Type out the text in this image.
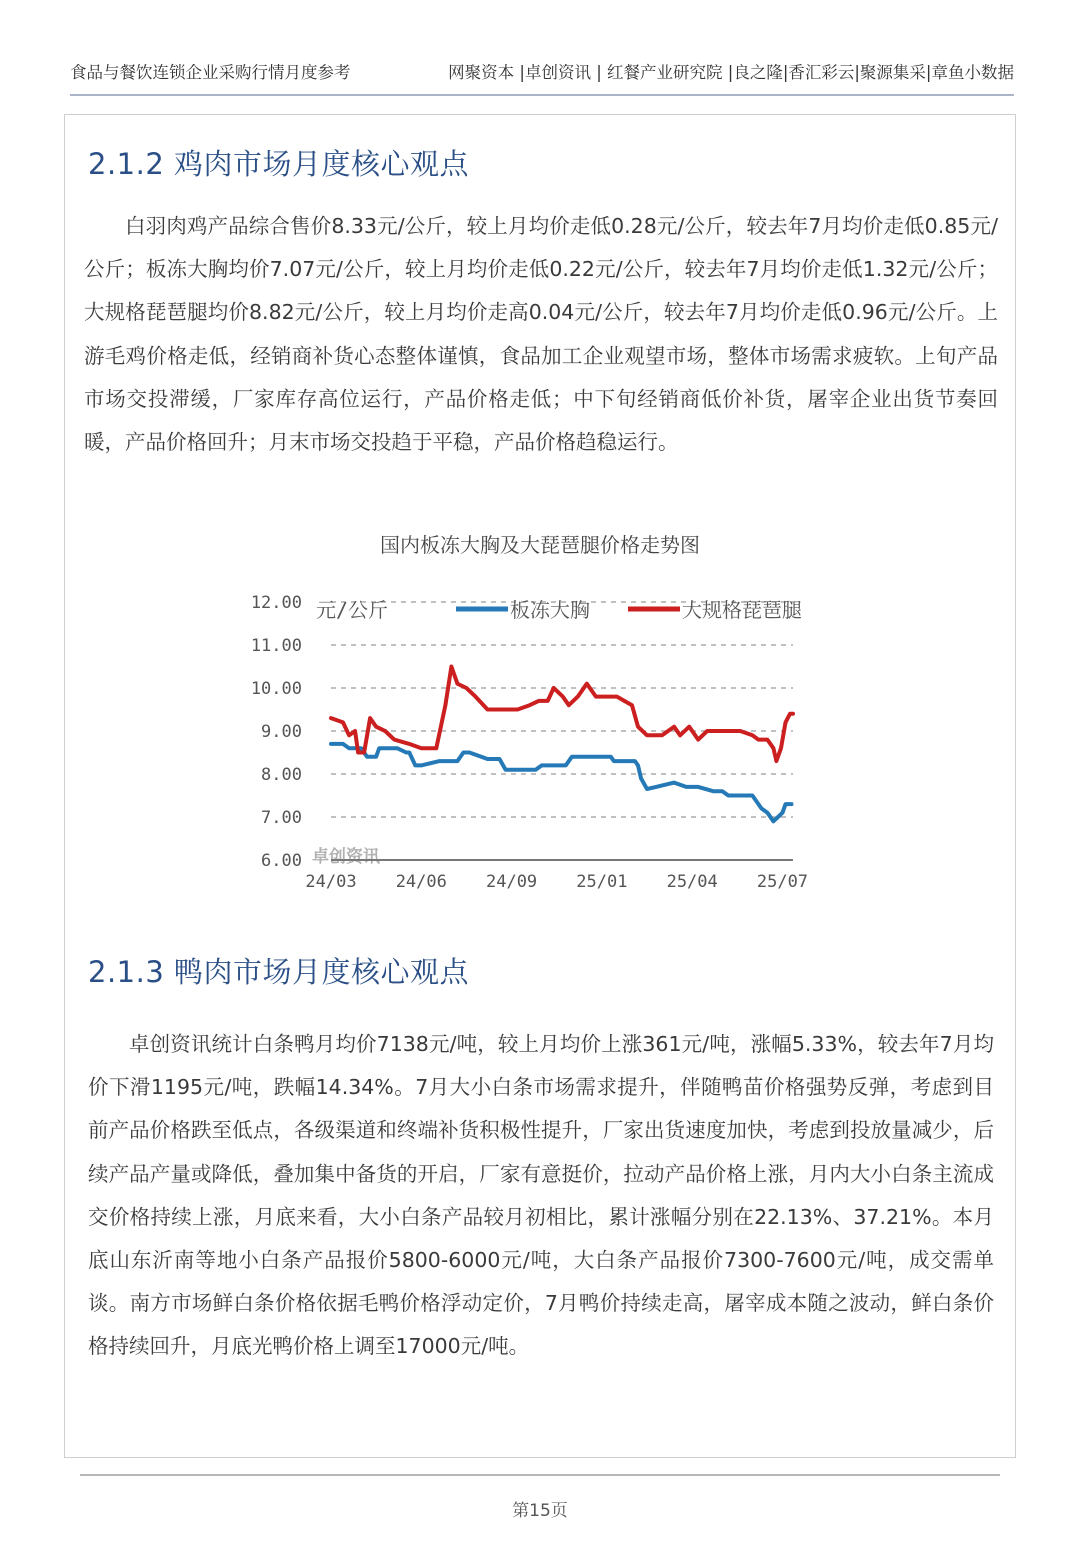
食品与餐饮连锁企业采购行情月度参考	网聚资本 |卓创资讯 | 红餐产业研究院 |良之隆|香汇彩云|聚源集采|章鱼小数据
2.1.2 鸡肉市场月度核心观点

白羽肉鸡产品综合售价8.33元/公斤，较上月均价走低0.28元/公斤，较去年7月均价走低0.85元/公斤；板冻大胸均价7.07元/公斤，较上月均价走低0.22元/公斤，较去年7月均价走低1.32元/公斤；大规格琵琶腿均价8.82元/公斤，较上月均价走高0.04元/公斤，较去年7月均价走低0.96元/公斤。上游毛鸡价格走低，经销商补货心态整体谨慎，食品加工企业观望市场，整体市场需求疲软。上旬产品市场交投滞缓，厂家库存高位运行，产品价格走低；中下旬经销商低价补货，屠宰企业出货节奏回暖，产品价格回升；月末市场交投趋于平稳，产品价格趋稳运行。

国内板冻大胸及大琵琶腿价格走势图
12.00
11.00
10.00
9.00
8.00
7.00
6.00
24/03 24/06 24/09 25/01 25/04 25/07
卓创资讯
元/公斤	板冻大胸	大规格琵琶腿
2.1.3 鸭肉市场月度核心观点

卓创资讯统计白条鸭月均价7138元/吨，较上月均价上涨361元/吨，涨幅5.33%，较去年7月均价下滑1195元/吨，跌幅14.34%。7月大小白条市场需求提升，伴随鸭苗价格强势反弹，考虑到目前产品价格跌至低点，各级渠道和终端补货积极性提升，厂家出货速度加快，考虑到投放量减少，后续产品产量或降低，叠加集中备货的开启，厂家有意挺价，拉动产品价格上涨，月内大小白条主流成交价格持续上涨，月底来看，大小白条产品较月初相比，累计涨幅分别在22.13%、37.21%。本月底山东沂南等地小白条产品报价5800-6000元/吨，大白条产品报价7300-7600元/吨，成交需单谈。南方市场鲜白条价格依据毛鸭价格浮动定价，7月鸭价持续走高，屠宰成本随之波动，鲜白条价格持续回升，月底光鸭价格上调至17000元/吨。

第15页
